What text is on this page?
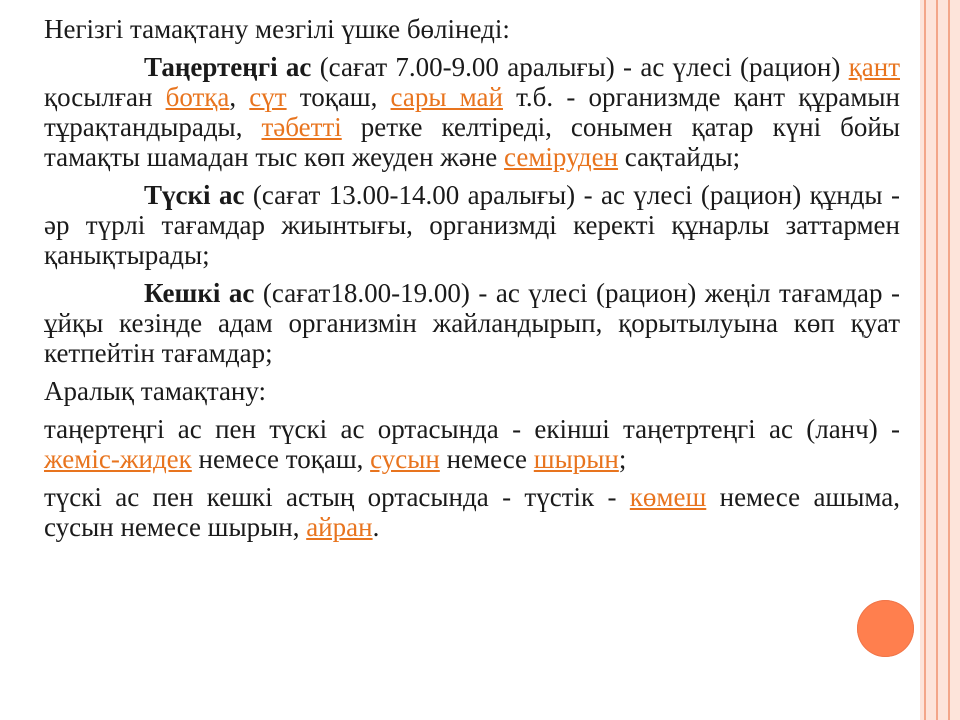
Негізгі тамақтану мезгілі үшке бөлінеді:

Таңертеңгі ас (сағат 7.00-9.00 аралығы) - ас үлесі (рацион) қант қосылған ботқа, сүт тоқаш, сары май т.б. - организмде қант құрамын тұрақтандырады, тәбетті ретке келтіреді, сонымен қатар күні бойы тамақты шамадан тыс көп жеуден және семіруден сақтайды;

Түскі ас (сағат 13.00-14.00 аралығы) - ас үлесі (рацион) құнды - әр түрлі тағамдар жиынтығы, организмді керекті құнарлы заттармен қанықтырады;

Кешкі ас (сағат18.00-19.00) - ас үлесі (рацион) жеңіл тағамдар - ұйқы кезінде адам организмін жайландырып, қорытылуына көп қуат кетпейтін тағамдар;

Аралық тамақтану:

таңертеңгі ас пен түскі ас ортасында - екінші таңетртеңгі ас (ланч) - жеміс-жидек немесе тоқаш, сусын немесе шырын;

түскі ас пен кешкі астың ортасында - түстік - көмеш немесе ашыма, сусын немесе шырын, айран.
